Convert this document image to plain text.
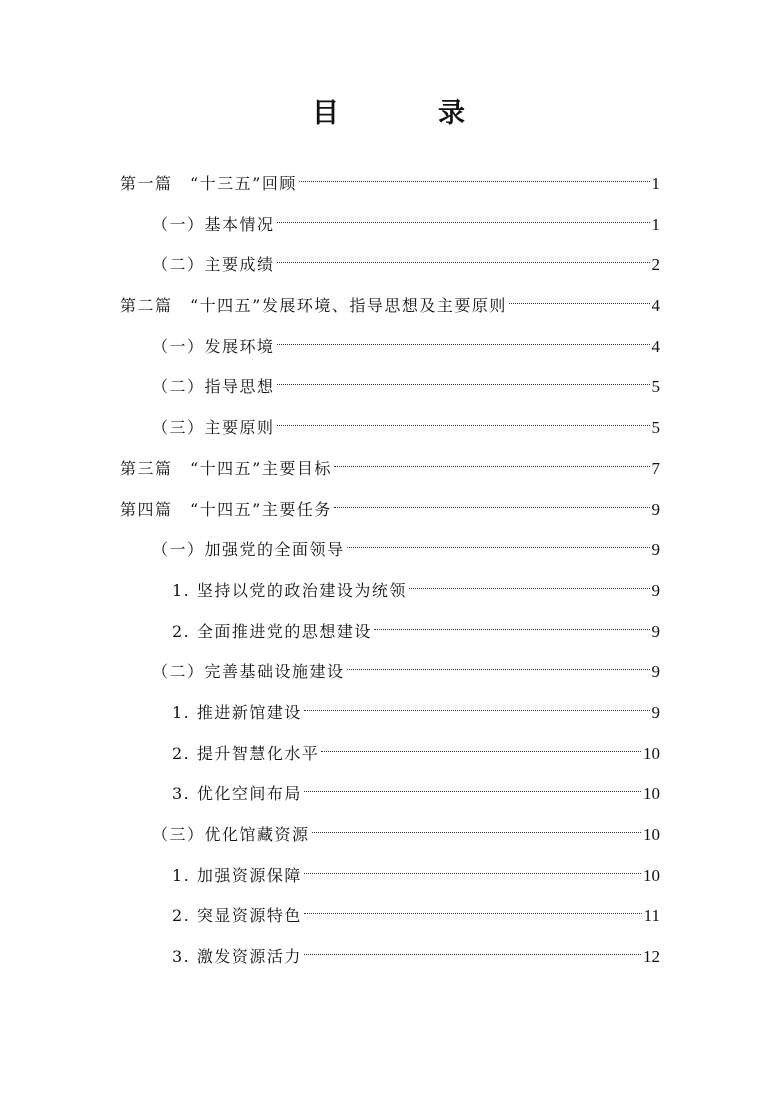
目　录
第一篇　“十三五”回顾	1
（一）基本情况	1
（二）主要成绩	2
第二篇　“十四五”发展环境、指导思想及主要原则	4
（一）发展环境	4
（二）指导思想	5
（三）主要原则	5
第三篇　“十四五”主要目标	7
第四篇　“十四五”主要任务	9
（一）加强党的全面领导	9
1. 坚持以党的政治建设为统领	9
2. 全面推进党的思想建设	9
（二）完善基础设施建设	9
1. 推进新馆建设	9
2. 提升智慧化水平	10
3. 优化空间布局	10
（三）优化馆藏资源	10
1. 加强资源保障	10
2. 突显资源特色	11
3. 激发资源活力	12
